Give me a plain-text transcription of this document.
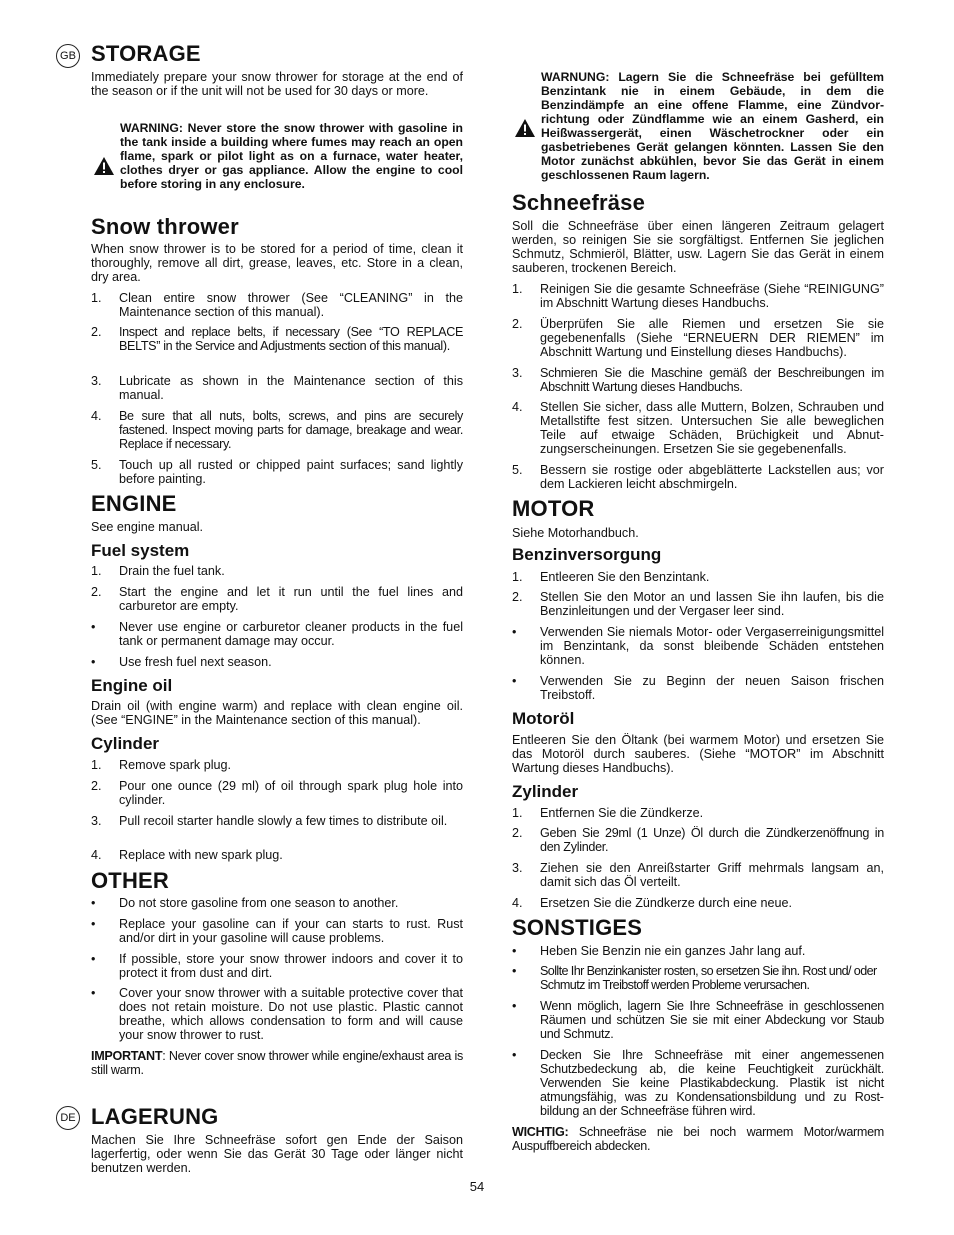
GB STORAGE

Immediately prepare your snow thrower for storage at the end of the season or if the unit will not be used for 30 days or more.

WARNING: Never store the snow thrower with gasoline in the tank inside a building where fumes may reach an open flame, spark or pilot light as on a furnace, water heater, clothes dryer or gas appliance. Allow the engine to cool before storing in any enclosure.

Snow thrower

When snow thrower is to be stored for a period of time, clean it thoroughly, remove all dirt, grease, leaves, etc. Store in a clean, dry area.

1. Clean entire snow thrower (See “CLEANING” in the Maintenance section of this manual).
2. Inspect and replace belts, if necessary (See “TO REPLACE BELTS” in the Service and Adjustments section of this manual).
3. Lubricate as shown in the Maintenance section of this manual.
4. Be sure that all nuts, bolts, screws, and pins are securely fastened. Inspect moving parts for damage, breakage and wear. Replace if necessary.
5. Touch up all rusted or chipped paint surfaces; sand lightly before painting.
ENGINE

See engine manual.

Fuel system
1. Drain the fuel tank.
2. Start the engine and let it run until the fuel lines and carburetor are empty.
• Never use engine or carburetor cleaner products in the fuel tank or permanent damage may occur.
• Use fresh fuel next season.
Engine oil

Drain oil (with engine warm) and replace with clean engine oil. (See “ENGINE” in the Maintenance section of this manual).

Cylinder
1. Remove spark plug.
2. Pour one ounce (29 ml) of oil through spark plug hole into cylinder.
3. Pull recoil starter handle slowly a few times to distribute oil.
4. Replace with new spark plug.
OTHER
• Do not store gasoline from one season to another.
• Replace your gasoline can if your can starts to rust. Rust and/or dirt in your gasoline will cause problems.
• If possible, store your snow thrower indoors and cover it to protect it from dust and dirt.
• Cover your snow thrower with a suitable protective cover that does not retain moisture. Do not use plastic. Plastic cannot breathe, which allows condensation to form and will cause your snow thrower to rust.

IMPORTANT: Never cover snow thrower while engine/exhaust area is still warm.

LAGERUNG

Machen Sie Ihre Schneefräse sofort gen Ende der Saison lagerfertig, oder wenn Sie das Gerät 30 Tage oder länger nicht benutzen werden.

DE

WARNUNG: Lagern Sie die Schneefräse bei gefülltem Benzintank nie in einem Gebäude, in dem die Benzindämpfe an eine offene Flamme, eine Zündvorrichtung oder Zündflamme wie an einem Gasherd, ein Heißwassergerät, einen Wäschetrockner oder ein gasbetriebenes Gerät gelangen könnten. Lassen Sie den Motor zunächst abkühlen, bevor Sie das Gerät in einem geschlossenen Raum lagern.

Schneefräse

Soll die Schneefräse über einen längeren Zeitraum gelagert werden, so reinigen Sie sie sorgfältigst. Entfernen Sie jeglichen Schmutz, Schmieröl, Blätter, usw. Lagern Sie das Gerät in einem sauberen, trockenen Bereich.

1. Reinigen Sie die gesamte Schneefräse (Siehe “REINIGUNG” im Abschnitt Wartung dieses Handbuchs.
2. Überprüfen Sie alle Riemen und ersetzen Sie sie gegebenenfalls (Siehe “ERNEUERN DER RIEMEN” im Abschnitt Wartung und Einstellung dieses Handbuchs).
3. Schmieren Sie die Maschine gemäß der Beschreibungen im Abschnitt Wartung dieses Handbuchs.
4. Stellen Sie sicher, dass alle Muttern, Bolzen, Schrauben und Metallstifte fest sitzen. Untersuchen Sie alle beweglichen Teile auf etwaige Schäden, Brüchigkeit und Abnutzungserscheinungen. Ersetzen Sie sie gegebenenfalls.
5. Bessern sie rostige oder abgeblätterte Lackstellen aus; vor dem Lackieren leicht abschmirgeln.
MOTOR

Siehe Motorhandbuch.

Benzinversorgung
1. Entleeren Sie den Benzintank.
2. Stellen Sie den Motor an und lassen Sie ihn laufen, bis die Benzinleitungen und der Vergaser leer sind.
• Verwenden Sie niemals Motor- oder Vergaserreinigungsmittel im Benzintank, da sonst bleibende Schäden entstehen können.
• Verwenden Sie zu Beginn der neuen Saison frischen Treibstoff.
Motoröl

Entleeren Sie den Öltank (bei warmem Motor) und ersetzen Sie das Motoröl durch sauberes. (Siehe “MOTOR” im Abschnitt Wartung dieses Handbuchs).

Zylinder
1. Entfernen Sie die Zündkerze.
2. Geben Sie 29ml (1 Unze) Öl durch die Zündkerzenöffnung in den Zylinder.
3. Ziehen sie den Anreißstarter Griff mehrmals langsam an, damit sich das Öl verteilt.
4. Ersetzen Sie die Zündkerze durch eine neue.
SONSTIGES
• Heben Sie Benzin nie ein ganzes Jahr lang auf.
• Sollte Ihr Benzinkanister rosten, so ersetzen Sie ihn. Rost und/ oder Schmutz im Treibstoff werden Probleme verursachen.
• Wenn möglich, lagern Sie Ihre Schneefräse in geschlossenen Räumen und schützen Sie sie mit einer Abdeckung vor Staub und Schmutz.
• Decken Sie Ihre Schneefräse mit einer angemessenen Schutzbedeckung ab, die keine Feuchtigkeit zurückhält. Verwenden Sie keine Plastikabdeckung. Plastik ist nicht atmungsfähig, was zu Kondensationsbildung und zu Rostbildung an der Schneefräse führen wird.

WICHTIG: Schneefräse nie bei noch warmem Motor/warmem Auspuffbereich abdecken.

54
